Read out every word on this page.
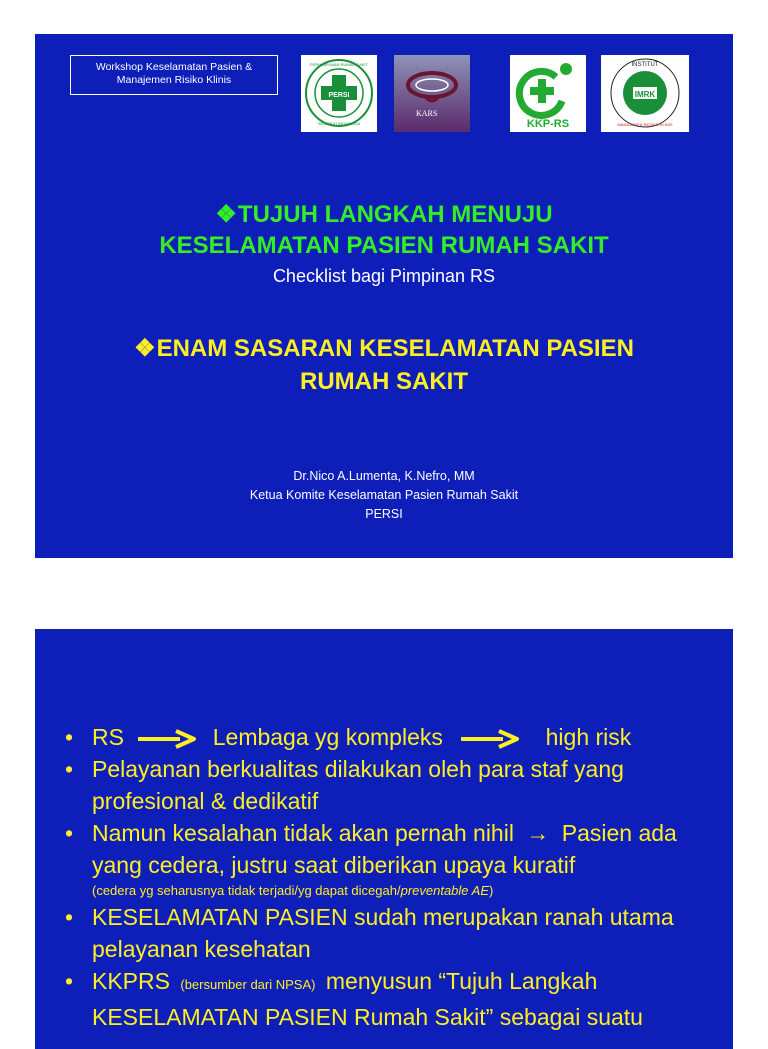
Workshop Keselamatan Pasien &
Manajemen Risiko Klinis
PERSI
PERHIMPUNAN RUMAH SAKIT
SELURUH INDONESIA
KARS
KKP-RS
IMRK
INSTITUT
MANAJEMEN RESIKO KLINIS
❖TUJUH LANGKAH MENUJU
KESELAMATAN PASIEN RUMAH SAKIT
Checklist bagi Pimpinan RS
❖ENAM SASARAN KESELAMATAN PASIEN
RUMAH SAKIT
Dr.Nico A.Lumenta, K.Nefro, MM
Ketua Komite Keselamatan Pasien Rumah Sakit
PERSI
• RS	Lembaga yg kompleks	high risk
• Pelayanan berkualitas dilakukan oleh para staf yang profesional & dedikatif
• Namun kesalahan tidak akan pernah nihil → Pasien ada yang cedera, justru saat diberikan upaya kuratif
(cedera yg seharusnya tidak terjadi/yg dapat dicegah/preventable AE)
• KESELAMATAN PASIEN sudah merupakan ranah utama pelayanan kesehatan
• KKPRS (bersumber dari NPSA) menyusun “Tujuh Langkah KESELAMATAN PASIEN Rumah Sakit” sebagai suatu
